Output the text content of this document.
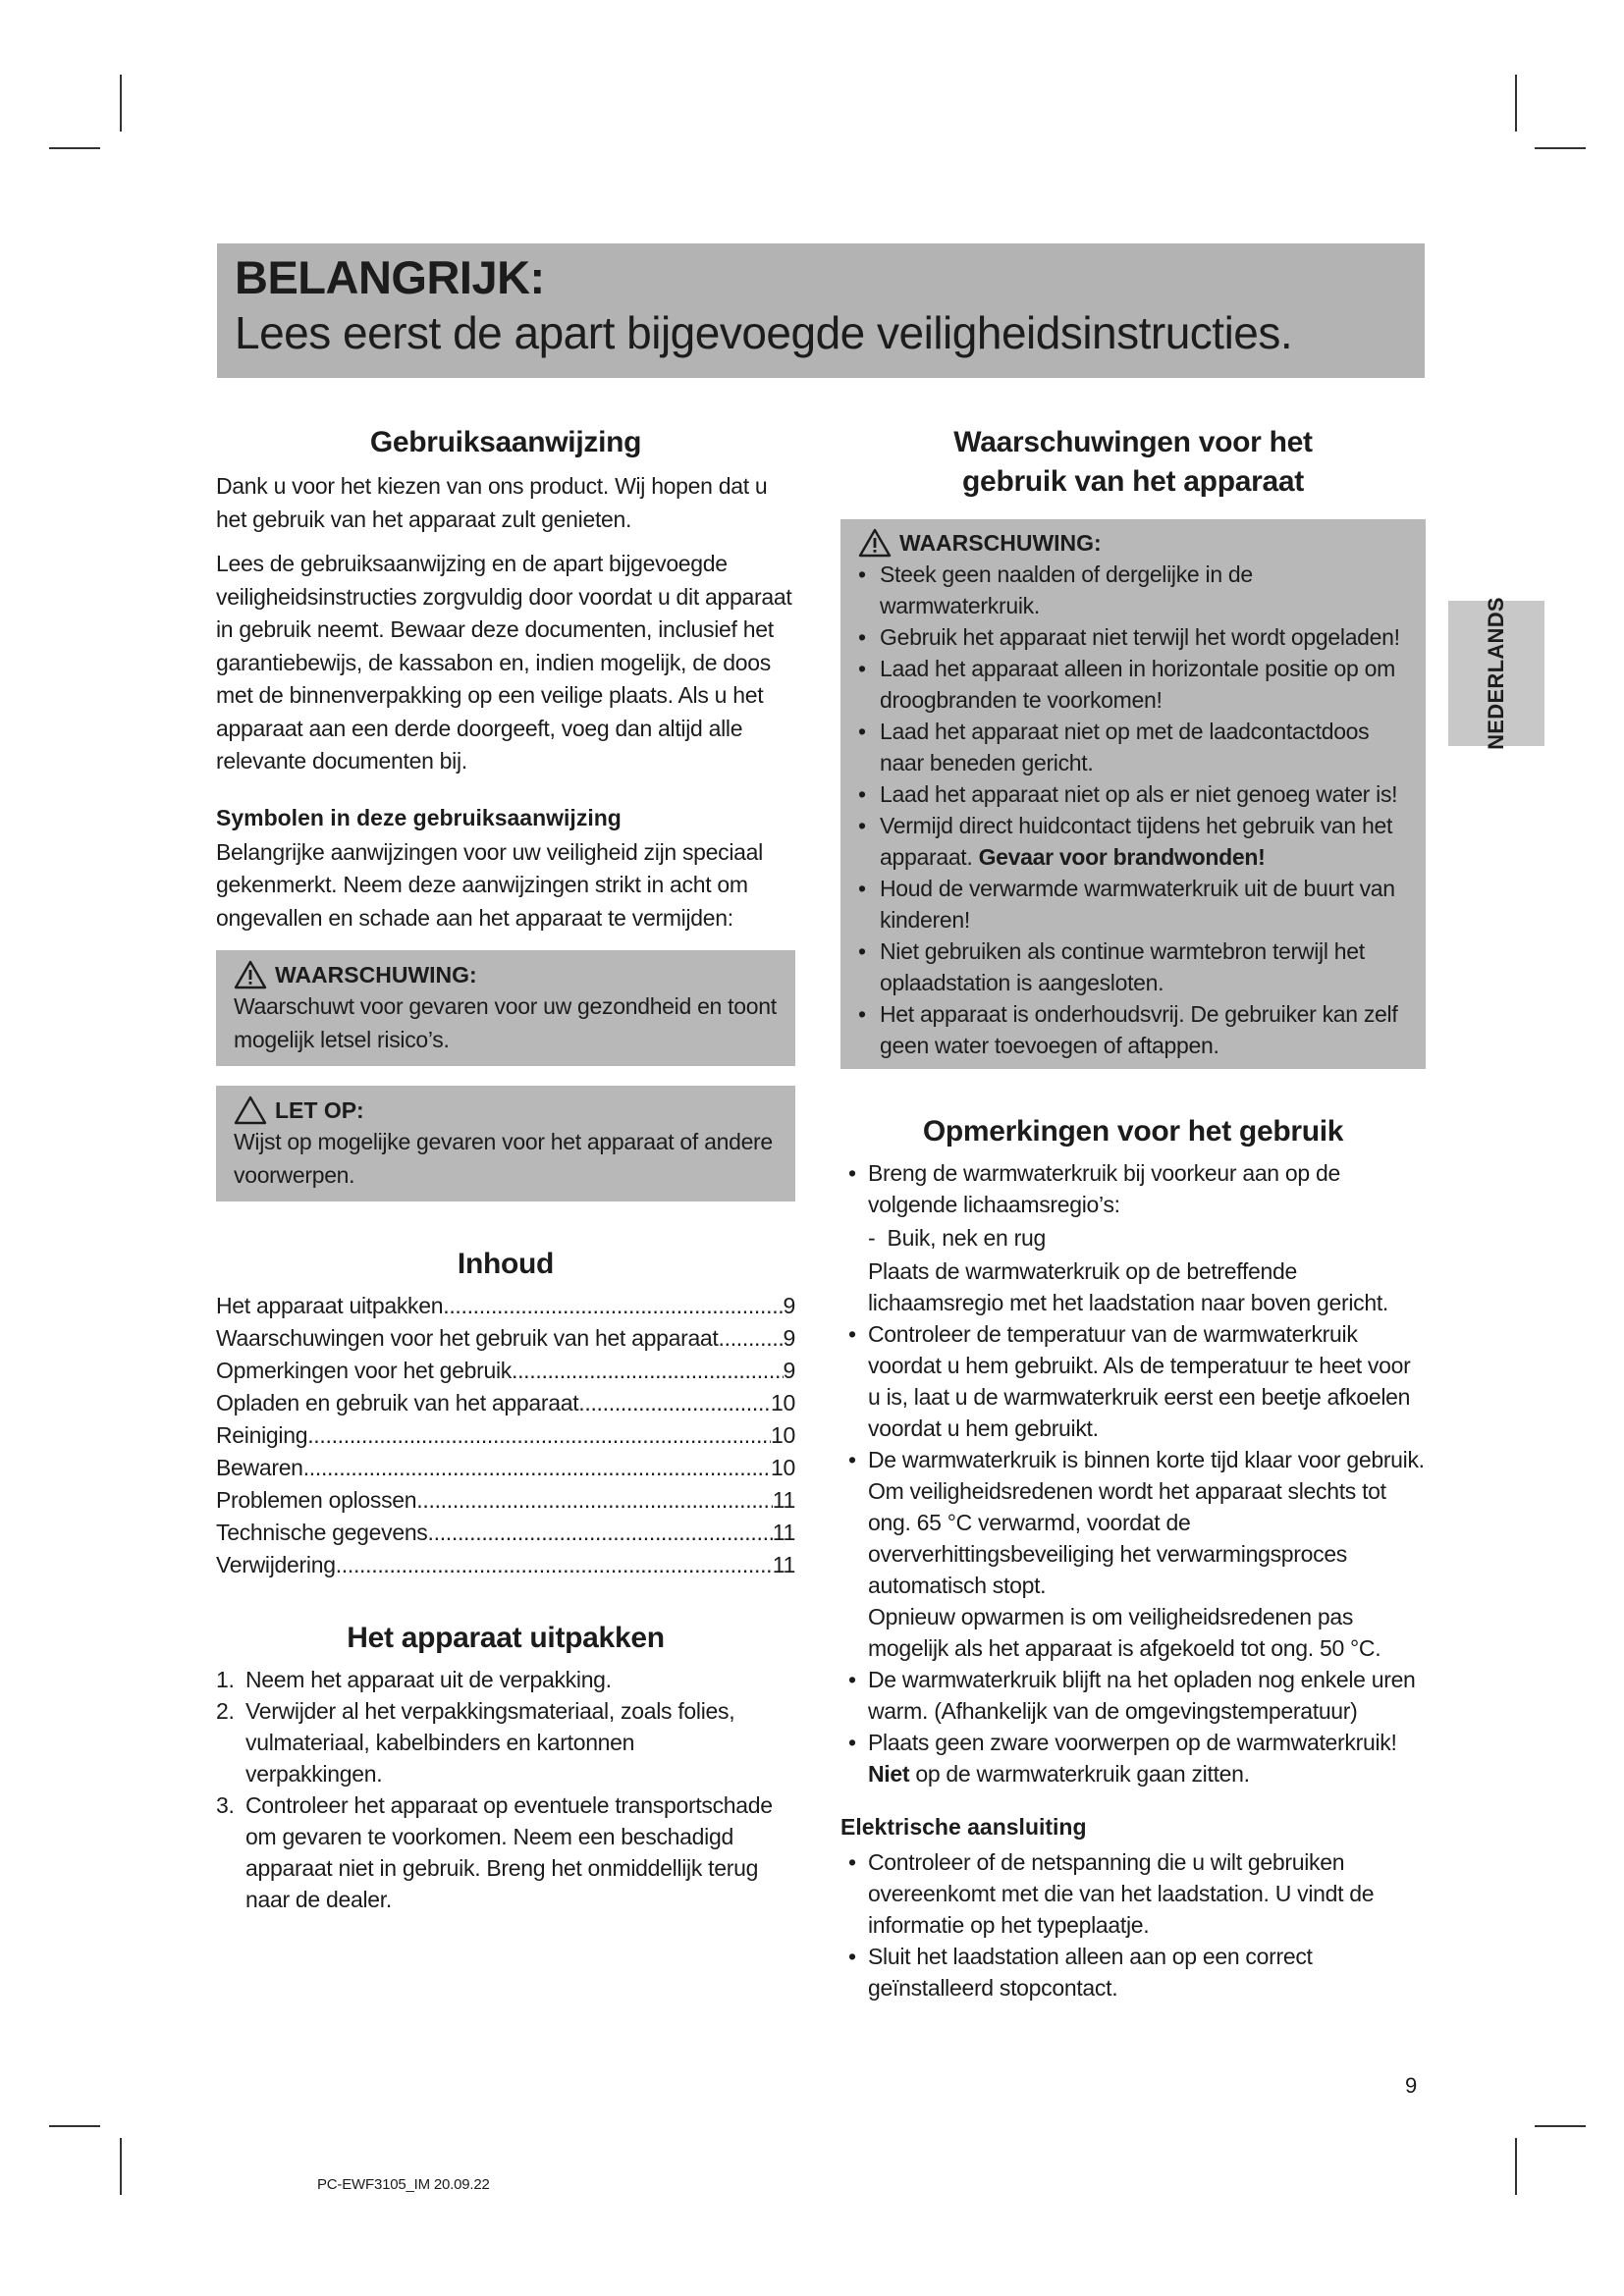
BELANGRIJK:
Lees eerst de apart bijgevoegde veiligheidsinstructies.
Gebruiksaanwijzing

Dank u voor het kiezen van ons product. Wij hopen dat u het gebruik van het apparaat zult genieten.

Lees de gebruiksaanwijzing en de apart bijgevoegde veiligheidsinstructies zorgvuldig door voordat u dit apparaat in gebruik neemt. Bewaar deze documenten, inclusief het garantiebewijs, de kassabon en, indien mogelijk, de doos met de binnenverpakking op een veilige plaats. Als u het apparaat aan een derde doorgeeft, voeg dan altijd alle relevante documenten bij.

Symbolen in deze gebruiksaanwijzing

Belangrijke aanwijzingen voor uw veiligheid zijn speciaal gekenmerkt. Neem deze aanwijzingen strikt in acht om ongevallen en schade aan het apparaat te vermijden:

WAARSCHUWING:

Waarschuwt voor gevaren voor uw gezondheid en toont mogelijk letsel risico’s.

LET OP:

Wijst op mogelijke gevaren voor het apparaat of andere voorwerpen.

Inhoud
Het apparaat uitpakken .....	9
Waarschuwingen voor het gebruik van het apparaat .....	9
Opmerkingen voor het gebruik .....	9
Opladen en gebruik van het apparaat .....	10
Reiniging .....	10
Bewaren .....	10
Problemen oplossen .....	11
Technische gegevens .....	11
Verwijdering .....	11
Het apparaat uitpakken
1. Neem het apparaat uit de verpakking.
2. Verwijder al het verpakkingsmateriaal, zoals folies, vulmateriaal, kabelbinders en kartonnen verpakkingen.
3. Controleer het apparaat op eventuele transportschade om gevaren te voorkomen. Neem een beschadigd apparaat niet in gebruik. Breng het onmiddellijk terug naar de dealer.
Waarschuwingen voor het
gebruik van het apparaat
WAARSCHUWING:
• Steek geen naalden of dergelijke in de warmwaterkruik.
• Gebruik het apparaat niet terwijl het wordt opgeladen!
• Laad het apparaat alleen in horizontale positie op om droogbranden te voorkomen!
• Laad het apparaat niet op met de laadcontactdoos naar beneden gericht.
• Laad het apparaat niet op als er niet genoeg water is!
• Vermijd direct huidcontact tijdens het gebruik van het apparaat. Gevaar voor brandwonden!
• Houd de verwarmde warmwaterkruik uit de buurt van kinderen!
• Niet gebruiken als continue warmtebron terwijl het oplaadstation is aangesloten.
• Het apparaat is onderhoudsvrij. De gebruiker kan zelf geen water toevoegen of aftappen.
Opmerkingen voor het gebruik
• Breng de warmwaterkruik bij voorkeur aan op de volgende lichaamsregio’s:
-  Buik, nek en rug
Plaats de warmwaterkruik op de betreffende lichaamsregio met het laadstation naar boven gericht.
• Controleer de temperatuur van de warmwaterkruik voordat u hem gebruikt. Als de temperatuur te heet voor u is, laat u de warmwaterkruik eerst een beetje afkoelen voordat u hem gebruikt.
• De warmwaterkruik is binnen korte tijd klaar voor gebruik. Om veiligheidsredenen wordt het apparaat slechts tot ong. 65 °C verwarmd, voordat de oververhittingsbeveiliging het verwarmingsproces automatisch stopt.
Opnieuw opwarmen is om veiligheidsredenen pas mogelijk als het apparaat is afgekoeld tot ong. 50 °C.
• De warmwaterkruik blijft na het opladen nog enkele uren warm. (Afhankelijk van de omgevingstemperatuur)
• Plaats geen zware voorwerpen op de warmwaterkruik!
Niet op de warmwaterkruik gaan zitten.
Elektrische aansluiting
• Controleer of de netspanning die u wilt gebruiken overeenkomt met die van het laadstation. U vindt de informatie op het typeplaatje.
• Sluit het laadstation alleen aan op een correct geïnstalleerd stopcontact.
NEDERLANDS
9
PC-EWF3105_IM 20.09.22
